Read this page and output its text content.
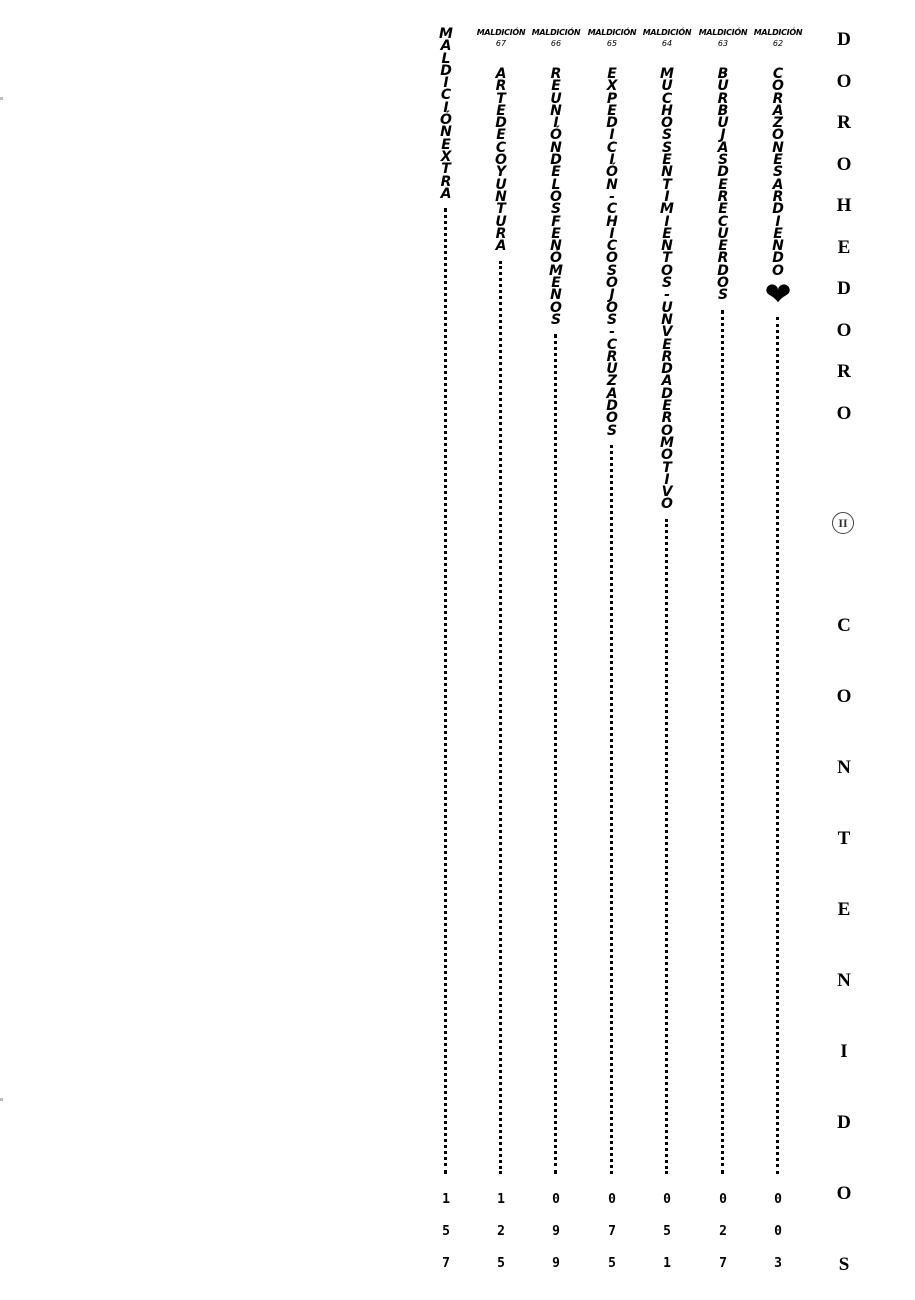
M
A
L
D
I
C
I
Ó
N
E
X
T
R
A
1
5
7
MALDICIÓN
67
A
R
T
E
D
E
C
O
Y
U
N
T
U
R
A
1
2
5
MALDICIÓN
66
R
E
U
N
I
Ó
N
D
E
L
O
S
F
E
N
Ó
M
E
N
O
S
0
9
9
MALDICIÓN
65
E
X
P
E
D
I
C
I
Ó
N
-
C
H
I
C
O
S
O
J
O
S
-
C
R
U
Z
A
D
O
S
0
7
5
MALDICIÓN
64
M
U
C
H
O
S
S
E
N
T
I
M
I
E
N
T
O
S
-
U
N
V
E
R
D
A
D
E
R
O
M
O
T
I
V
O
0
5
1
MALDICIÓN
63
B
U
R
B
U
J
A
S
D
E
R
E
C
U
E
R
D
O
S
0
2
7
MALDICIÓN
62
C
O
R
A
Z
O
N
E
S
A
R
D
I
E
N
D
O
❤
0
0
3
II
D
O
R
O
H
E
D
O
R
O
C
O
N
T
E
N
I
D
O
S
